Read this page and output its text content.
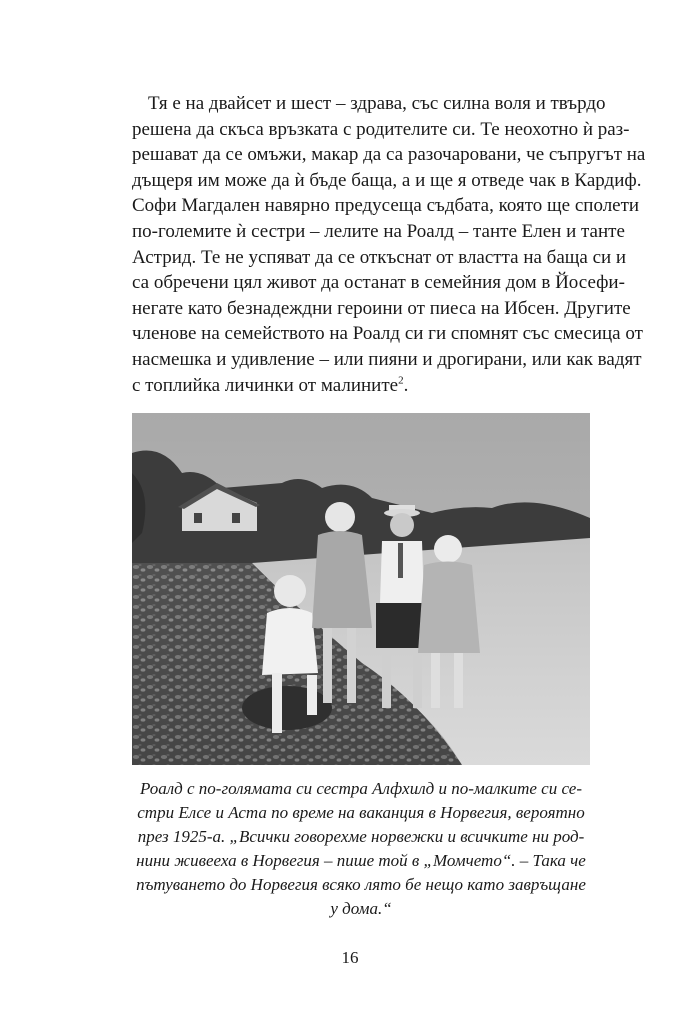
Тя е на двайсет и шест – здрава, със силна воля и твърдо
решена да скъса връзката с родителите си. Те неохотно ѝ раз-
решават да се омъжи, макар да са разочаровани, че съпругът на
дъщеря им може да ѝ бъде баща, а и ще я отведе чак в Кардиф.
Софи Магдален навярно предусеща съдбата, която ще сполети
по-големите ѝ сестри – лелите на Роалд – танте Елен и танте
Астрид. Те не успяват да се откъснат от властта на баща си и
са обречени цял живот да останат в семейния дом в Йосефи-
негате като безнадеждни героини от пиеса на Ибсен. Другите
членове на семейството на Роалд си ги спомнят със смесица от
насмешка и удивление – или пияни и дрогирани, или как вадят
с топлийка личинки от малините$^2$.
Роалд с по-голямата си сестра Алфхилд и по-малките си се-
стри Елсе и Аста по време на ваканция в Норвегия, вероятно
през 1925-а. „Всички говорехме норвежки и всичките ни род-
нини живееха в Норвегия – пише той в „Момчето“. – Така че
пътуването до Норвегия всяко лято бе нещо като завръщане
у дома.“
16
